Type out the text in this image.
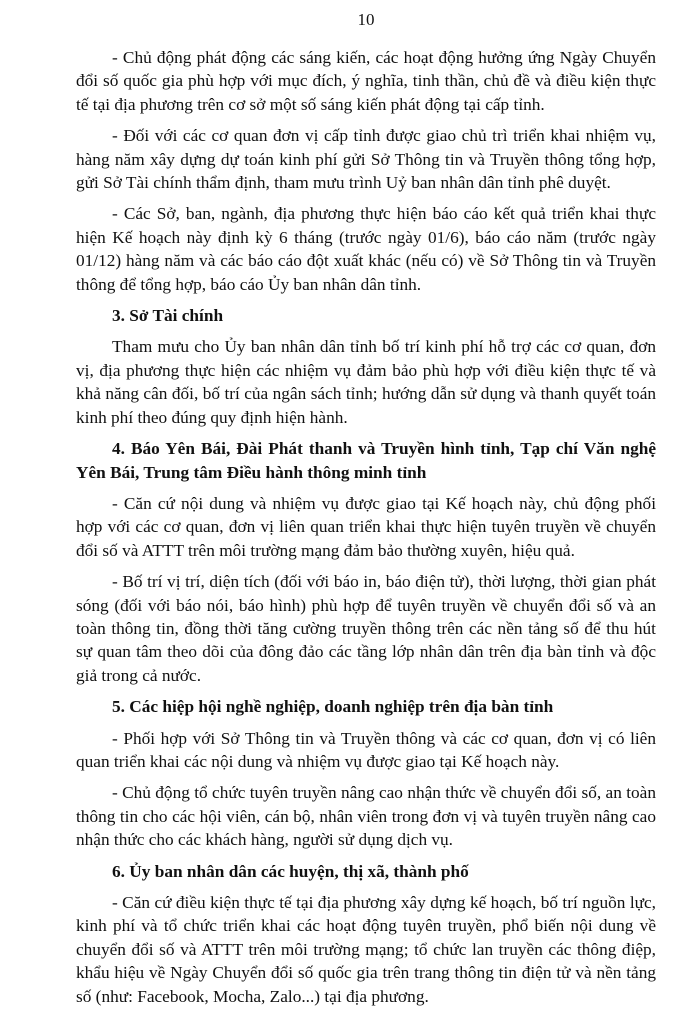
10

- Chủ động phát động các sáng kiến, các hoạt động hưởng ứng Ngày Chuyển đổi số quốc gia phù hợp với mục đích, ý nghĩa, tinh thần, chủ đề và điều kiện thực tế tại địa phương trên cơ sở một số sáng kiến phát động tại cấp tỉnh.

- Đối với các cơ quan đơn vị cấp tỉnh được giao chủ trì triển khai nhiệm vụ, hàng năm xây dựng dự toán kinh phí gửi Sở Thông tin và Truyền thông tổng hợp, gửi Sở Tài chính thẩm định, tham mưu trình Uỷ ban nhân dân tỉnh phê duyệt.

- Các Sở, ban, ngành, địa phương thực hiện báo cáo kết quả triển khai thực hiện Kế hoạch này định kỳ 6 tháng (trước ngày 01/6), báo cáo năm (trước ngày 01/12) hàng năm và các báo cáo đột xuất khác (nếu có) về Sở Thông tin và Truyền thông để tổng hợp, báo cáo Ủy ban nhân dân tỉnh.

3. Sở Tài chính

Tham mưu cho Ủy ban nhân dân tỉnh bố trí kinh phí hỗ trợ các cơ quan, đơn vị, địa phương thực hiện các nhiệm vụ đảm bảo phù hợp với điều kiện thực tế và khả năng cân đối, bố trí của ngân sách tỉnh; hướng dẫn sử dụng và thanh quyết toán kinh phí theo đúng quy định hiện hành.

4. Báo Yên Bái, Đài Phát thanh và Truyền hình tỉnh, Tạp chí Văn nghệ Yên Bái, Trung tâm Điều hành thông minh tỉnh

- Căn cứ nội dung và nhiệm vụ được giao tại Kế hoạch này, chủ động phối hợp với các cơ quan, đơn vị liên quan triển khai thực hiện tuyên truyền về chuyển đổi số và ATTT trên môi trường mạng đảm bảo thường xuyên, hiệu quả.

- Bố trí vị trí, diện tích (đối với báo in, báo điện tử), thời lượng, thời gian phát sóng (đối với báo nói, báo hình) phù hợp để tuyên truyền về chuyển đổi số và an toàn thông tin, đồng thời tăng cường truyền thông trên các nền tảng số để thu hút sự quan tâm theo dõi của đông đảo các tầng lớp nhân dân trên địa bàn tỉnh và độc giả trong cả nước.

5. Các hiệp hội nghề nghiệp, doanh nghiệp trên địa bàn tỉnh

- Phối hợp với Sở Thông tin và Truyền thông và các cơ quan, đơn vị có liên quan triển khai các nội dung và nhiệm vụ được giao tại Kế hoạch này.

- Chủ động tổ chức tuyên truyền nâng cao nhận thức về chuyển đổi số, an toàn thông tin cho các hội viên, cán bộ, nhân viên trong đơn vị và tuyên truyền nâng cao nhận thức cho các khách hàng, người sử dụng dịch vụ.

6. Ủy ban nhân dân các huyện, thị xã, thành phố

- Căn cứ điều kiện thực tế tại địa phương xây dựng kế hoạch, bố trí nguồn lực, kinh phí và tổ chức triển khai các hoạt động tuyên truyền, phổ biến nội dung về chuyển đổi số và ATTT trên môi trường mạng; tổ chức lan truyền các thông điệp, khẩu hiệu về Ngày Chuyển đổi số quốc gia trên trang thông tin điện tử và nền tảng số (như: Facebook, Mocha, Zalo...) tại địa phương.
